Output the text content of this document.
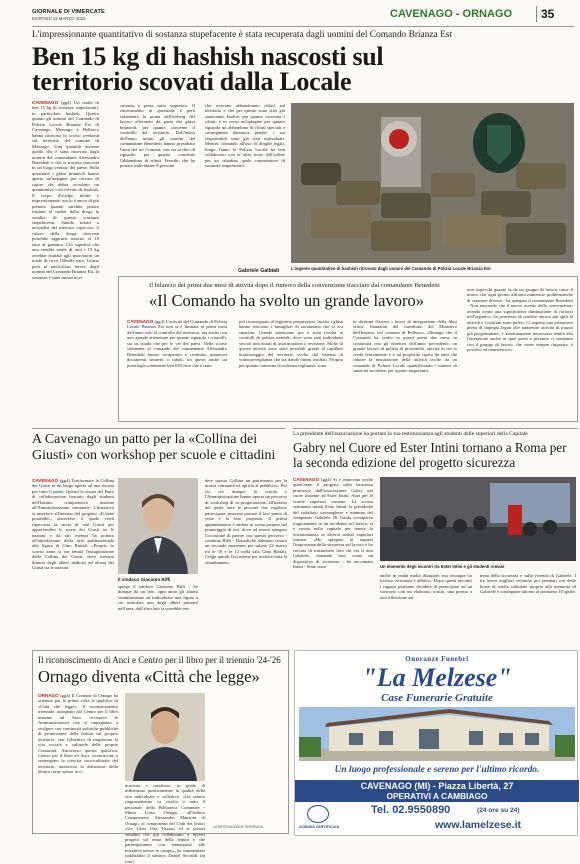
GIORNALE DI VIMERCATE
MARTEDÌ 11 MARZO 2025	CAVENAGO - ORNAGO 35
L'impressionante quantitativo di sostanza stupefacente è stata recuperata dagli uomini del Comando Brianza Est
Ben 15 kg di hashish nascosti sul territorio scovati dalla Locale
CAVENAGO (gg4) Un totale di ben 15 kg di sostanze stupefacenti, in particolare hashish. Questo quanto gli uomini del Comando di Polizia Locale Brianza Est di Cavenago, Mezzago e Bellusco hanno ritrovato lo scorso weekend sul territorio del comune di Mezzago. Una quantità enorme quella che è stata ritrovata dagli uomini del comandante Alessandro Benedetti e che si trovava nascosta in un luogo remoto del paese. Sulla questione i ghisa brianzoli hanno aperto un'indagine per cercare di capire chi abbia occultato un quantitativo così elevato di hashish. Il corpo d'ocolpo infatti è impressionante, ma lo è ancor di più pensare quanto sarebbe potuto fruttare al racket della droga la vendita di queste sostanze stupefacenti. Stando infatti a un'analisi del mercato «spaccio» il valore della droga ritrovata potrebbe aggirarsi intorno ai 10 euro al grammo. Ciò significa che una vendita totale di tutti i 15 kg avrebbe fruttato agli spacciatori un totale di circa 150mila euro. Grazie però al meticoloso lavoro degli uomini del Comando Brianza Est, la sostanza è stata messa in si-
curezza e posta sotto sequestro. Il ritrovamento in questione è però solamente la punta dell'iceberg del lavoro effettuato da parte dei ghisa brianzoli, per quanto concerne il controllo del territorio. Dall'inizio dell'anno infatti gli uomini del comandante Benedetti hanno presidiato l'area dei tre Comuni, con un occhio di riguardo per quanto concerne l'abbandono di rifiuti. Presidio che ha portato individuare 8 persone
che avevano abbandonato rifiuti sul territorio e che per questo sono stati già sanzionati. Inoltre, per quanto concerne i rifiuti, è in corso un'indagine per quanto riguarda un abbandono di rifiuti speciali e conseguente denuncia penale: i sui responsabili sono già stati individuati. Mentre, tornando all'uso di droghe legali, lungo l'anno la Polizia Locale ha ben collaborato con le altre forze dell'ordine per un cittadino quale consumatore di sostanze stupefacenti.
Gabriele Galbiati	L'ingente quantitativo di hashish ritrovato dagli uomini del Comando di Polizia Locale Brianza Est
Il bilancio dei primi due mesi di attività dopo il rinnovo della convenzione tracciato dal comandante Benedetti
«Il Comando ha svolto un grande lavoro»
CAVENAGO (gg4) L'attività del Comando di Polizia Locale Brianza Est non si è limitata ai primi mesi dell'anno solo al controllo del territorio, ma anche con uno grande attenzione per quanto riguarda i controlli, sia su strada che per le vie dei paesi. Nelle scorse settimane al comando del comandante Alessandro Benedetti hanno recuperato e restituito numerosi documenti smarriti o rubati, tra questi anche un portafogli contenente ben 650 euro che è stato
poi riconsegnato al legittimo proprietario. Inoltre i ghisa hanno ritrovato i famigliari di un'anziana che si era smarrita. Grande attenzione poi è stata rivolta ai controlli di polizia stradale, dove sono stati individuati veicoli non dotati di assicurazione o revisione. Molte di queste attività sono state possibili grazie al capillare monitoraggio del territorio svolto dal sistema di videosorveglianza che sta dando ottimi risultati. Proprio per quanto concerne la videosorveglianza, sono
in dirittura d'arrivo i lavori di integrazione della fibra ottica, finanziati dal contributo del Ministero dell'Interno, nel comune di Bellusco. «Ritengo che il Comando ha svolto in questi primi due mesi, in continuità con gli obiettivi dell'anno precedente, un grande lavoro di polizia di prossimità, attività in cui io credo fermamente e a tal proposito ripeto da anni che ridurre la misurazione delle attività svolte da un comando di Polizia Locale quantificando i numeri di sanzioni accertate, per quanto importanti,
non rispecchi quanto fa da un gruppo di lavoro come il nostro che ogni giorno affronta numerose problematiche di carattere diverso - ha spiegato il comandante Benedetti - Non nascondo che il nuovo assetto della convenzione, avendo avuto una significativa diminuzione di rinforzi nell'organico, ha permesso di rendere ancora più agili le attività e i risultati sono palesi. Ci aspetta una primavera piena di impegni legati alle numerose attività di piazza già programmate, è assolutamente necessario tenere alta l'attenzione anche in quei paesi e pertanto ci sentiamo con il gruppo di lavoro, che come sempre ringrazio, è positivo ed entusiastico».
A Cavenago un patto per la «Collina dei Giusti» con workshop per scuole e cittadini
CAVENAGO (gg4) Trasformare la Collina dei Giusti in un luogo aperto ad una risorsa per tutto il paese. Questo lo scopo del Patto di collaborazione lanciato dagli studenti dell'Istituto comprensivo insieme all'Amministrazione comunale. L'iniziativa si inserisce all'interno del progetto «Il bene possibile», attraverso il quale verrà ripercorsa la storia di vari Giusti per approfondire le storie dei Giusti tra le nazioni e da tali esempi ha portato all'intitolazione della sala polifunzionale alla figura di Gino Bartali. «Proprio lo scorso anno si era tenuta l'inaugurazione della Collina dei Giusti, dove trovano dimora degli alberi dedicati ad alcuni dei Giusti tra le nazioni
Il sindaco Giacomo Biffi
spiega il sindaco Giacomo Biffi - Se dunque da un lato, ogni anno gli alunni continueranno ad individuare una figura a cui intitolare uno degli alberi presenti nell'area, dall'altro lato si vorrebbe ren-
dere questa Collina un patrimonio per la nostra comunità ed aprirla al pubblico». Per far ciò dunque la scuola e l'Amministrazione hanno aperto un percorso di workshop di co-progettazione, all'interno del quale tutte le persone che vogliono partecipare, possono portare il loro punto di vista e la loro proposta. Il primo appuntamento è andato in scena proprio nel pomeriggio di ieri, dove ad essere spiegato l'occasione di partire con questo percorso - continua Biffi - Dopodiché abbiamo fissato un secondo momento per sabato 22 marzo tra le 10 e le 12 nella sala Gino Bartali. Colgo quindi l'occasione per invitare tutta la cittadinanza».
La presidente dell'associazione ha portato la sua testimonianza agli studenti delle superiori della Capitale
Gabry nel Cuore ed Ester Intini tornano a Roma per la seconda edizione del progetto sicurezza
CAVENAGO (gg4) Si è rinnovato anche quest'anno il progetto sulla sicurezza promosso dall'associazione Gabry nel cuore insieme ad Ester Intini. Anzi per le scuole superiori romane. La scorsa settimana infatti Ester Intini, la presidente del sodalizio cavenaghese e mamma del compianto Gabriele Di Guida scomparso tragicamente in un incidente sul lavoro, si è recata nella capitale per tenere la testimonianza in diversi istituti superiori romani. «Ho spiegato ai ragazzi l'importanza della sicurezza sul lavoro e ho cercato di trasmettere loro chi era il mio Gabriele, donando loro come un dispositivo di sicurezza - ha raccontato Intini - Sono stata	Un momento degli incontri tra Ester Intini e gli studenti romani
anche in realtà molto disagiate, ma ovunque ho trovato vicinanza e affetto». Dopo questi incontri i ragazzi potranno decidere di partecipare ad un concorso con un elaborato scritto, una poesia o una riflessione sul
tema della sicurezza e sulla vicenda di Gabriele. I tre lavori migliori verranno poi premiati con delle borse di studio intitolate proprio alla memoria di Gabriele e consegnate attorno al prossimo 10 aprile.
Il riconoscimento di Anci e Centro per il libro per il triennio '24-'26
Ornago diventa «Città che legge»
ORNAGO (gg4) Il Comune di Ornago ha ottenuto per la prima volta la qualifica di «Città che legge». Il riconoscimento triennale, assegnato dal Centro per il libro insieme ad Anci, riconosce le Amministrazioni che si impegnano a svolgere con continuità politiche pubbliche di promozione della lettura sul proprio territorio, con l'obiettivo di migliorare la vita sociale e culturale delle proprie Comunità. Attraverso questa qualifica, Centro per il libro ed Anci, riconoscono e sostengono la crescita socioculturale del territorio, attraverso la diffusione della lettura come valore rico-
nosciuto e condiviso, in grado di influenzare positivamente la qualità della vita individuale e collettiva. «Un sentito ringraziamento va rivolto a tutto il personale della Biblioteca Comunale - Maria Luisa Ornago, all'Istituto Comprensivo Alessandro Manzoni di Ornago, ai componenti del Club dei lettori «Un Libro Una Tisana» ed ai privati cittadini che già collaborano a diversi progetti sul tema della lettura e che parteciperanno con entusiasmo alle iniziative messe in campo», ha commentato soddisfatto il sindaco Daniel Siccardi (in foto).
LA RIPRODUZIONE RISERVATA
Onoranze Funebri
"La Melzese"
Case Funerarie Gratuite
Un luogo professionale e sereno per l'ultimo ricordo.
CAVENAGO (MI) - Piazza Libertà, 27
OPERATIVI A CAMBIAGO
AZIENDA CERTIFICATA
Tel. 02.9550890	(24 ore su 24)
www.lamelzese.it
